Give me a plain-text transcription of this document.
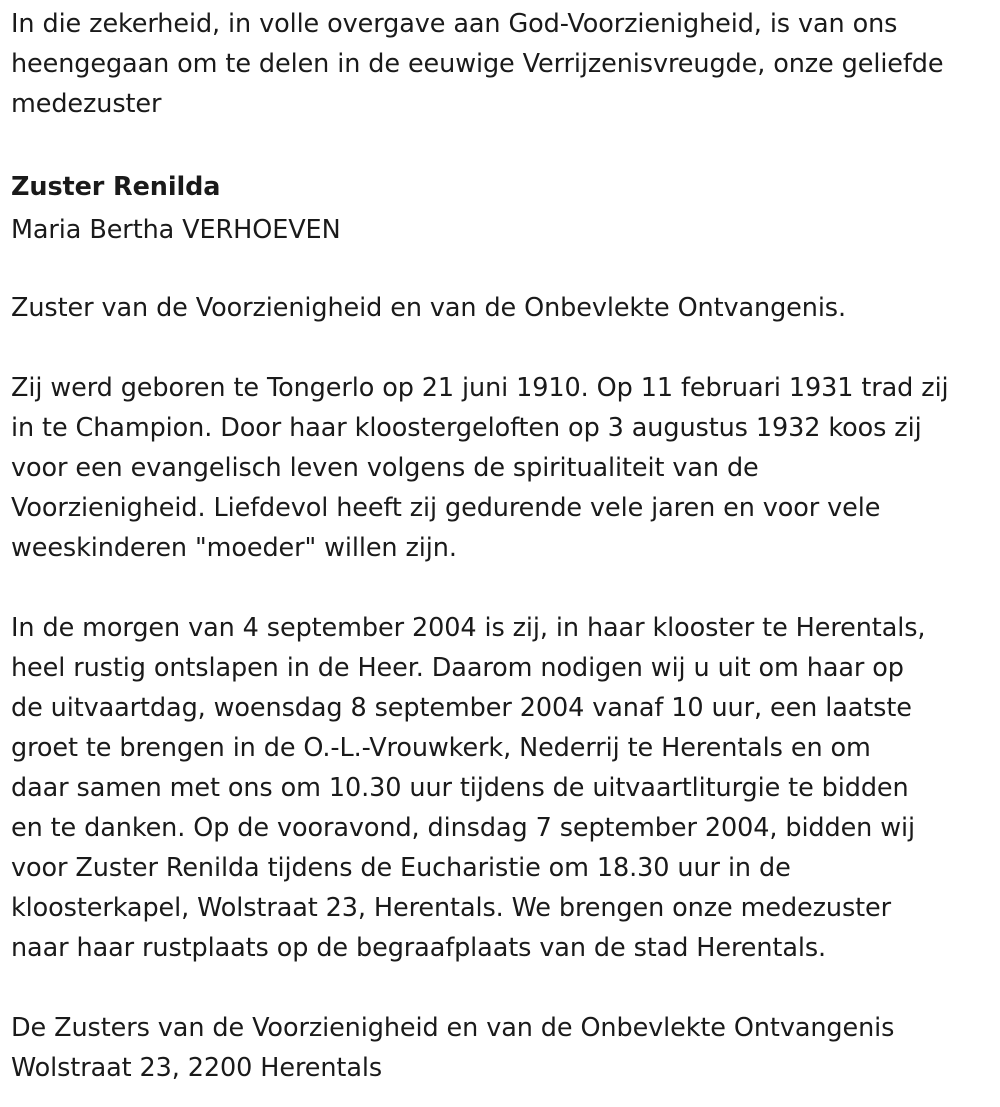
In die zekerheid, in volle overgave aan God-Voorzienigheid, is van ons
heengegaan om te delen in de eeuwige Verrijzenisvreugde, onze geliefde
medezuster
Zuster Renilda
Maria Bertha VERHOEVEN
Zuster van de Voorzienigheid en van de Onbevlekte Ontvangenis.
Zij werd geboren te Tongerlo op 21 juni 1910. Op 11 februari 1931 trad zij
in te Champion. Door haar kloostergeloften op 3 augustus 1932 koos zij
voor een evangelisch leven volgens de spiritualiteit van de
Voorzienigheid. Liefdevol heeft zij gedurende vele jaren en voor vele
weeskinderen "moeder" willen zijn.
In de morgen van 4 september 2004 is zij, in haar klooster te Herentals,
heel rustig ontslapen in de Heer. Daarom nodigen wij u uit om haar op
de uitvaartdag, woensdag 8 september 2004 vanaf 10 uur, een laatste
groet te brengen in de O.-L.-Vrouwkerk, Nederrij te Herentals en om
daar samen met ons om 10.30 uur tijdens de uitvaartliturgie te bidden
en te danken. Op de vooravond, dinsdag 7 september 2004, bidden wij
voor Zuster Renilda tijdens de Eucharistie om 18.30 uur in de
kloosterkapel, Wolstraat 23, Herentals. We brengen onze medezuster
naar haar rustplaats op de begraafplaats van de stad Herentals.
De Zusters van de Voorzienigheid en van de Onbevlekte Ontvangenis
Wolstraat 23, 2200 Herentals
